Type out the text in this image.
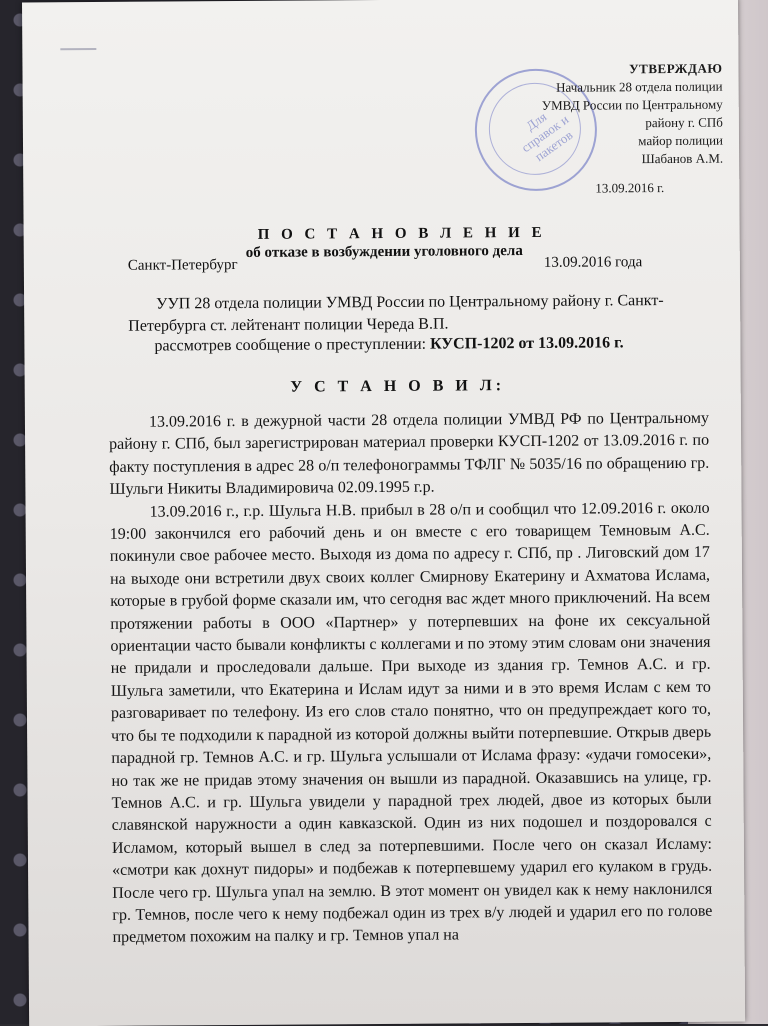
Для справок и пакетов
УТВЕРЖДАЮ
Начальник 28 отдела полиции
УМВД России по Центральному
району г. СПб
майор полиции
Шабанов А.М.
13.09.2016 г.
П О С Т А Н О В Л Е Н И Е
об отказе в возбуждении уголовного дела
Санкт-Петербург	13.09.2016 года
УУП 28 отдела полиции УМВД России по Центральному району г. Санкт-Петербурга ст. лейтенант полиции Череда В.П.
рассмотрев сообщение о преступлении: КУСП-1202 от 13.09.2016 г.
У С Т А Н О В И Л:

13.09.2016 г. в дежурной части 28 отдела полиции УМВД РФ по Центральному району г. СПб, был зарегистрирован материал проверки КУСП-1202 от 13.09.2016 г. по факту поступления в адрес 28 о/п телефонограммы ТФЛГ № 5035/16 по обращению гр. Шульги Никиты Владимировича 02.09.1995 г.р.

13.09.2016 г., г.р. Шульга Н.В. прибыл в 28 о/п и сообщил что 12.09.2016 г. около 19:00 закончился его рабочий день и он вместе с его товарищем Темновым А.С. покинули свое рабочее место. Выходя из дома по адресу г. СПб, пр . Лиговский дом 17 на выходе они встретили двух своих коллег Смирнову Екатерину и Ахматова Ислама, которые в грубой форме сказали им, что сегодня вас ждет много приключений. На всем протяжении работы в ООО «Партнер» у потерпевших на фоне их сексуальной ориентации часто бывали конфликты с коллегами и по этому этим словам они значения не придали и проследовали дальше. При выходе из здания гр. Темнов А.С. и гр. Шульга заметили, что Екатерина и Ислам идут за ними и в это время Ислам с кем то разговаривает по телефону. Из его слов стало понятно, что он предупреждает кого то, что бы те подходили к парадной из которой должны выйти потерпевшие. Открыв дверь парадной гр. Темнов А.С. и гр. Шульга услышали от Ислама фразу: «удачи гомосеки», но так же не придав этому значения он вышли из парадной. Оказавшись на улице, гр. Темнов А.С. и гр. Шульга увидели у парадной трех людей, двое из которых были славянской наружности а один кавказской. Один из них подошел и поздоровался с Исламом, который вышел в след за потерпевшими. После чего он сказал Исламу: «смотри как дохнут пидоры» и подбежав к потерпевшему ударил его кулаком в грудь. После чего гр. Шульга упал на землю. В этот момент он увидел как к нему наклонился гр. Темнов, после чего к нему подбежал один из трех в/у людей и ударил его по голове предметом похожим на палку и гр. Темнов упал на
